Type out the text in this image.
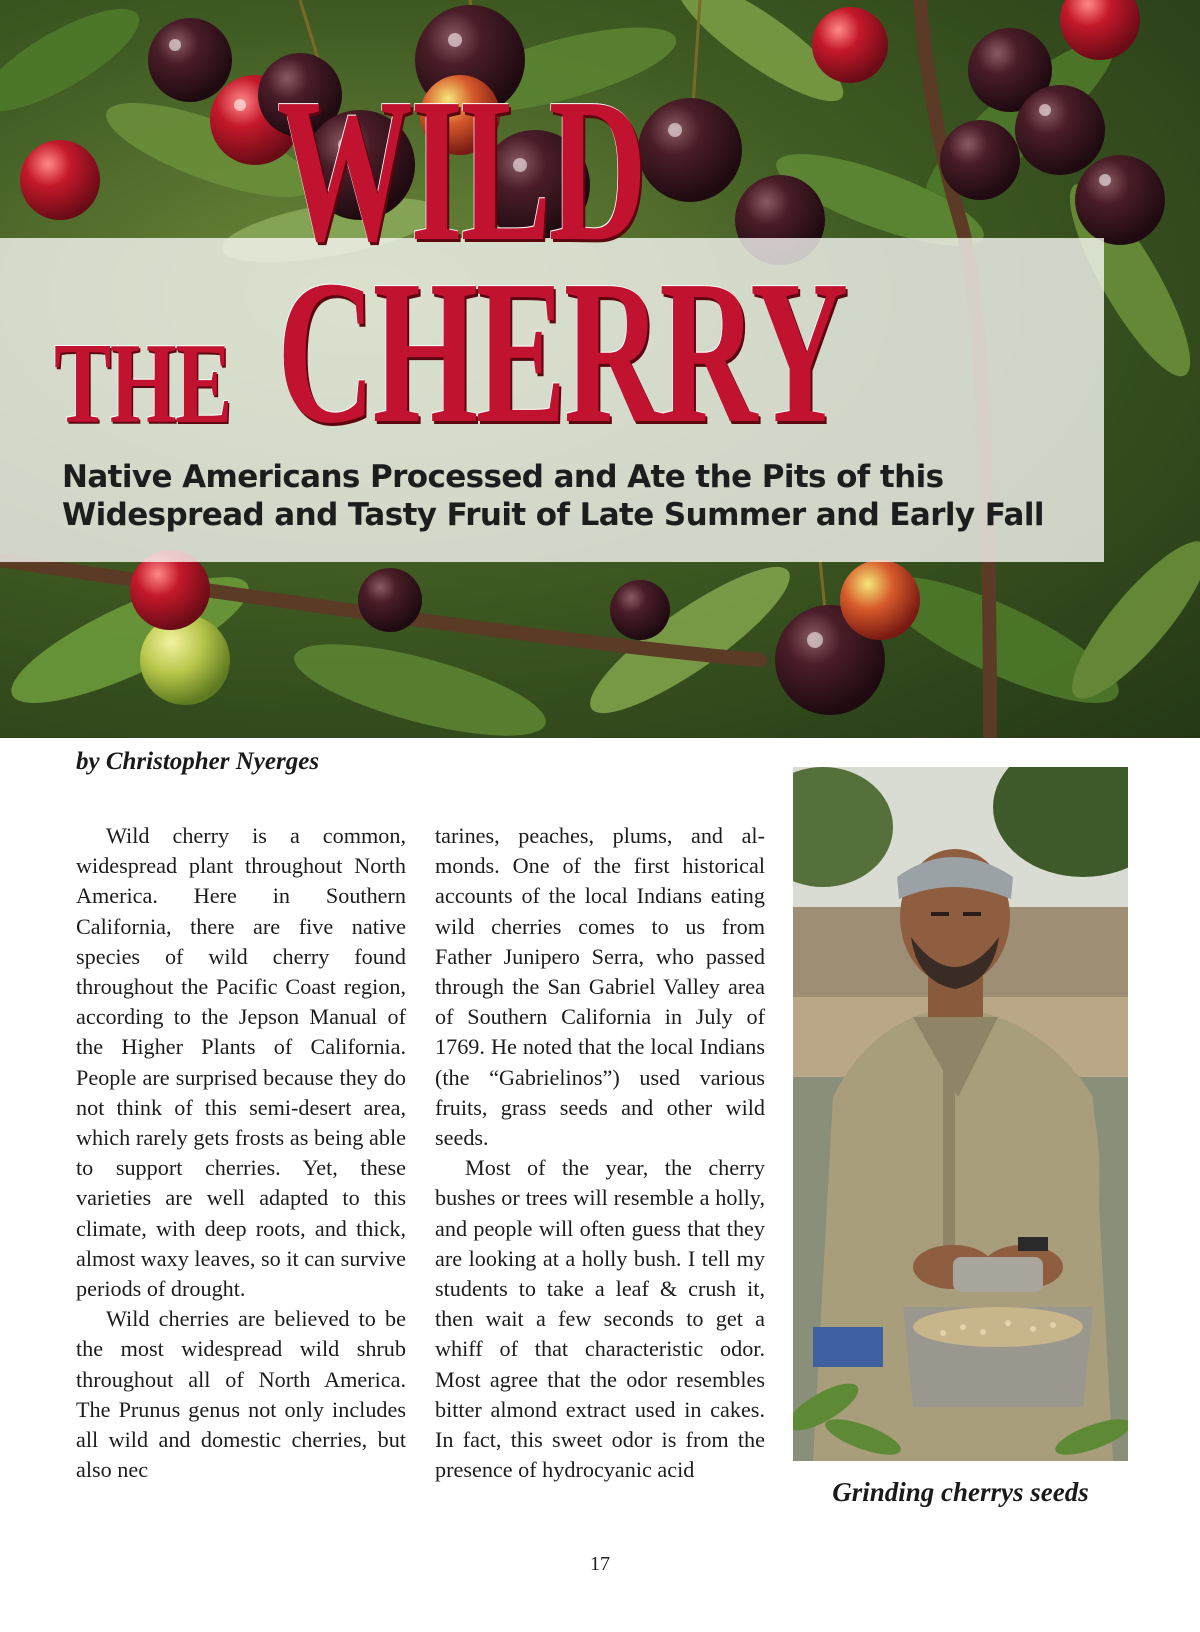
THE
WILD CHERRY
Native Americans Processed and Ate the Pits of this
Widespread and Tasty Fruit of Late Summer and Early Fall
by Christopher Nyerges

Wild cherry is a common, widespread plant throughout North America. Here in Southern California, there are five native species of wild cherry found throughout the Pacific Coast region, according to the Jepson Manual of the Higher Plants of California. People are surprised because they do not think of this semi-desert area, which rarely gets frosts as being able to support cherries. Yet, these varieties are well adapted to this climate, with deep roots, and thick, almost waxy leaves, so it can survive periods of drought.

Wild cherries are believed to be the most widespread wild shrub throughout all of North America. The Prunus genus not only includes all wild and domestic cherries, but also nec

tarines, peaches, plums, and almonds. One of the first historical accounts of the local Indians eating wild cherries comes to us from Father Junipero Serra, who passed through the San Gabriel Valley area of Southern California in July of 1769. He noted that the local Indians (the “Gabrielinos”) used various fruits, grass seeds and other wild seeds.

Most of the year, the cherry bushes or trees will resemble a holly, and people will often guess that they are looking at a holly bush. I tell my students to take a leaf & crush it, then wait a few seconds to get a whiff of that characteristic odor. Most agree that the odor resembles bitter almond extract used in cakes. In fact, this sweet odor is from the presence of hydrocyanic acid

Grinding cherrys seeds
17
